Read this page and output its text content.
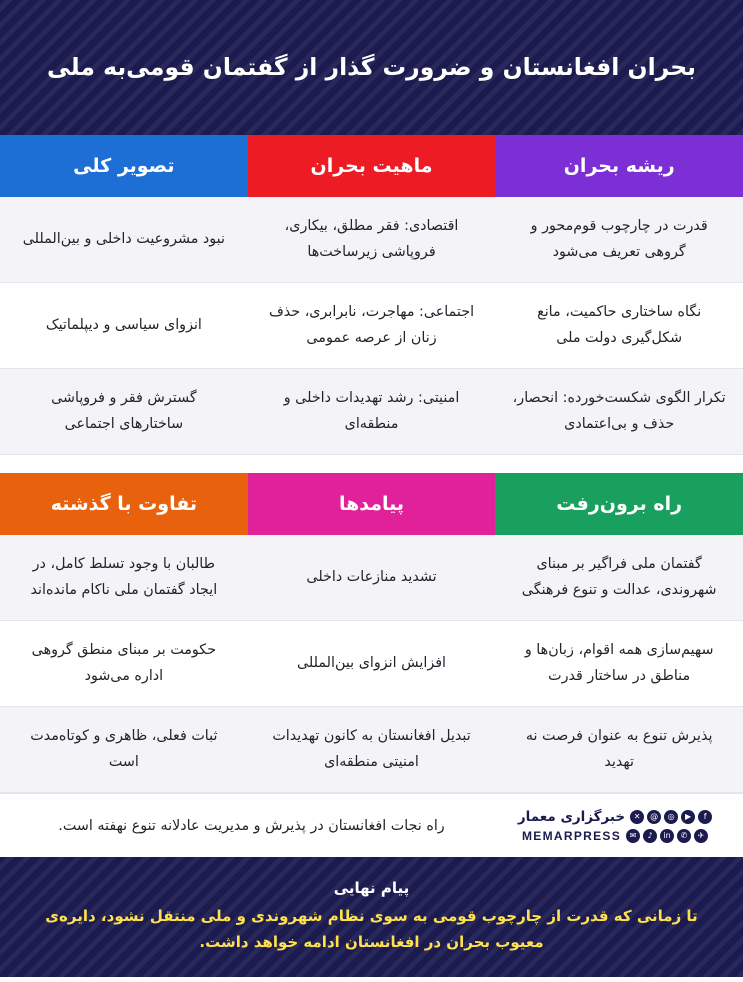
بحران افغانستان و ضرورت گذار از گفتمان قومی‌به ملی
ریشه بحران
قدرت در چارچوب قوم‌محور و گروهی تعریف می‌شود
نگاه ساختاری حاکمیت، مانع شکل‌گیری دولت ملی
تکرار الگوی شکست‌خورده: انحصار، حذف و بی‌اعتمادی
ماهیت بحران
اقتصادی: فقر مطلق، بیکاری، فروپاشی زیرساخت‌ها
اجتماعی: مهاجرت، نابرابری، حذف زنان از عرصه عمومی
امنیتی: رشد تهدیدات داخلی و منطقه‌ای
تصویر کلی
نبود مشروعیت داخلی و بین‌المللی
انزوای سیاسی و دیپلماتیک
گسترش فقر و فروپاشی ساختارهای اجتماعی
راه برون‌رفت
گفتمان ملی فراگیر بر مبنای شهروندی، عدالت و تنوع فرهنگی
سهیم‌سازی همه اقوام، زبان‌ها و مناطق در ساختار قدرت
پذیرش تنوع به عنوان فرصت نه تهدید
پیامدها
تشدید منازعات داخلی
افزایش انزوای بین‌المللی
تبدیل افغانستان به کانون تهدیدات امنیتی منطقه‌ای
تفاوت با گذشته
طالبان با وجود تسلط کامل، در ایجاد گفتمان ملی ناکام مانده‌اند
حکومت بر مبنای منطق گروهی اداره می‌شود
ثبات فعلی، ظاهری و کوتاه‌مدت است
f
▶
◎
@
✕
خبرگزاری معمار
✈
✆
in
♪
✉
MEMARPRESS
راه نجات افغانستان در پذیرش و مدیریت عادلانه تنوع نهفته است.
پیام نهایی
تا زمانی که قدرت از چارچوب قومی به سوی نظام شهروندی و ملی منتقل نشود، دایره‌ی معیوب بحران در افغانستان ادامه خواهد داشت.
